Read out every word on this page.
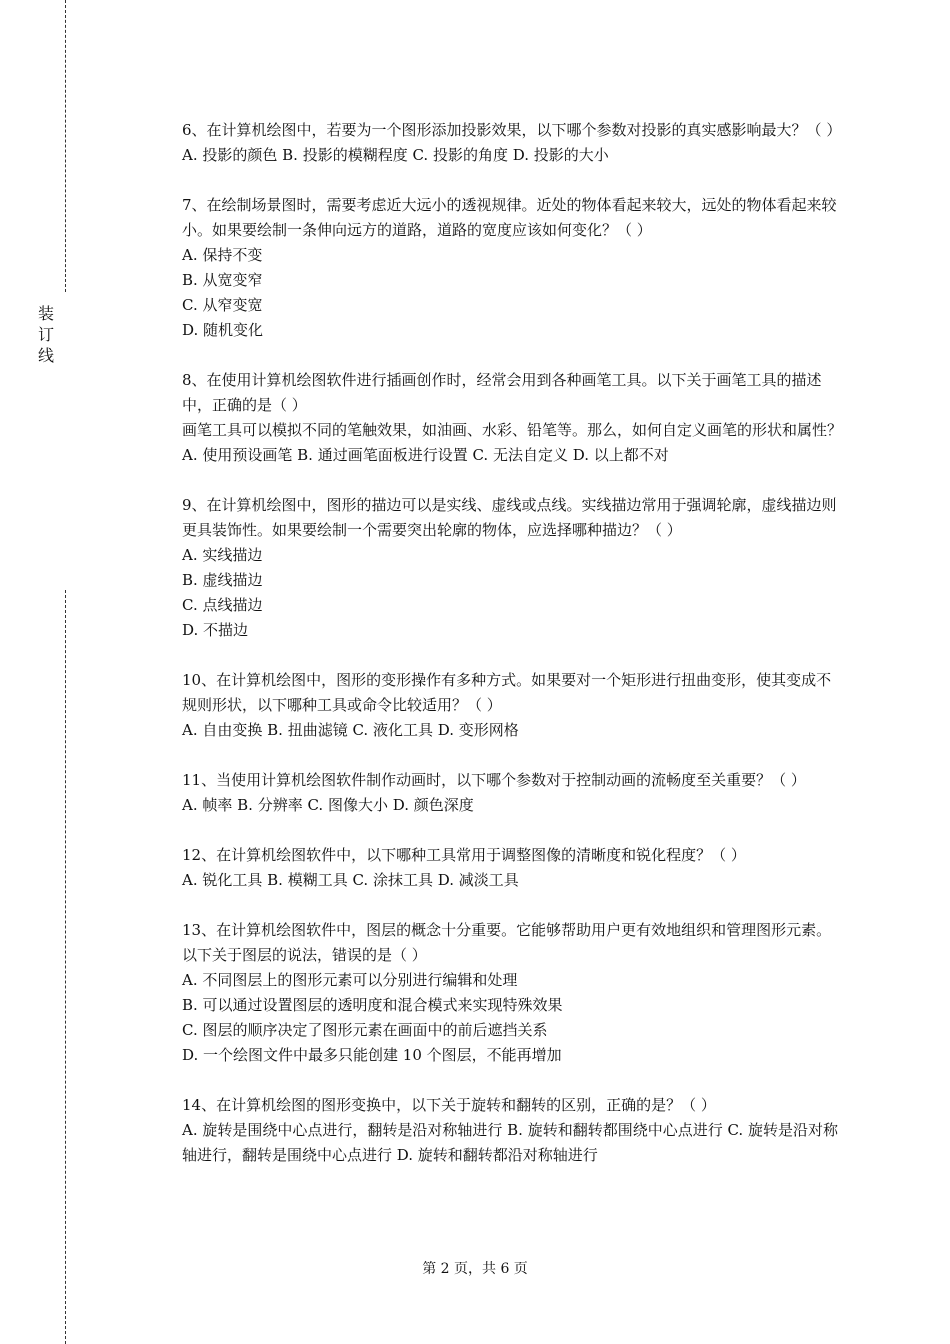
装
订
线

6、在计算机绘图中，若要为一个图形添加投影效果，以下哪个参数对投影的真实感影响最大？（ ）

A. 投影的颜色 B. 投影的模糊程度 C. 投影的角度 D. 投影的大小

7、在绘制场景图时，需要考虑近大远小的透视规律。近处的物体看起来较大，远处的物体看起来较小。如果要绘制一条伸向远方的道路，道路的宽度应该如何变化？（ ）

A. 保持不变

B. 从宽变窄

C. 从窄变宽

D. 随机变化

8、在使用计算机绘图软件进行插画创作时，经常会用到各种画笔工具。以下关于画笔工具的描述中，正确的是（ ）

画笔工具可以模拟不同的笔触效果，如油画、水彩、铅笔等。那么，如何自定义画笔的形状和属性？

A. 使用预设画笔 B. 通过画笔面板进行设置 C. 无法自定义 D. 以上都不对

9、在计算机绘图中，图形的描边可以是实线、虚线或点线。实线描边常用于强调轮廓，虚线描边则更具装饰性。如果要绘制一个需要突出轮廓的物体，应选择哪种描边？（ ）

A. 实线描边

B. 虚线描边

C. 点线描边

D. 不描边

10、在计算机绘图中，图形的变形操作有多种方式。如果要对一个矩形进行扭曲变形，使其变成不规则形状，以下哪种工具或命令比较适用？（ ）

A. 自由变换 B. 扭曲滤镜 C. 液化工具 D. 变形网格

11、当使用计算机绘图软件制作动画时，以下哪个参数对于控制动画的流畅度至关重要？（ ）

A. 帧率 B. 分辨率 C. 图像大小 D. 颜色深度

12、在计算机绘图软件中，以下哪种工具常用于调整图像的清晰度和锐化程度？（ ）

A. 锐化工具 B. 模糊工具 C. 涂抹工具 D. 减淡工具

13、在计算机绘图软件中，图层的概念十分重要。它能够帮助用户更有效地组织和管理图形元素。以下关于图层的说法，错误的是（ ）

A. 不同图层上的图形元素可以分别进行编辑和处理

B. 可以通过设置图层的透明度和混合模式来实现特殊效果

C. 图层的顺序决定了图形元素在画面中的前后遮挡关系

D. 一个绘图文件中最多只能创建 10 个图层，不能再增加

14、在计算机绘图的图形变换中，以下关于旋转和翻转的区别，正确的是？（ ）

A. 旋转是围绕中心点进行，翻转是沿对称轴进行 B. 旋转和翻转都围绕中心点进行 C. 旋转是沿对称轴进行，翻转是围绕中心点进行 D. 旋转和翻转都沿对称轴进行

第 2 页，共 6 页
